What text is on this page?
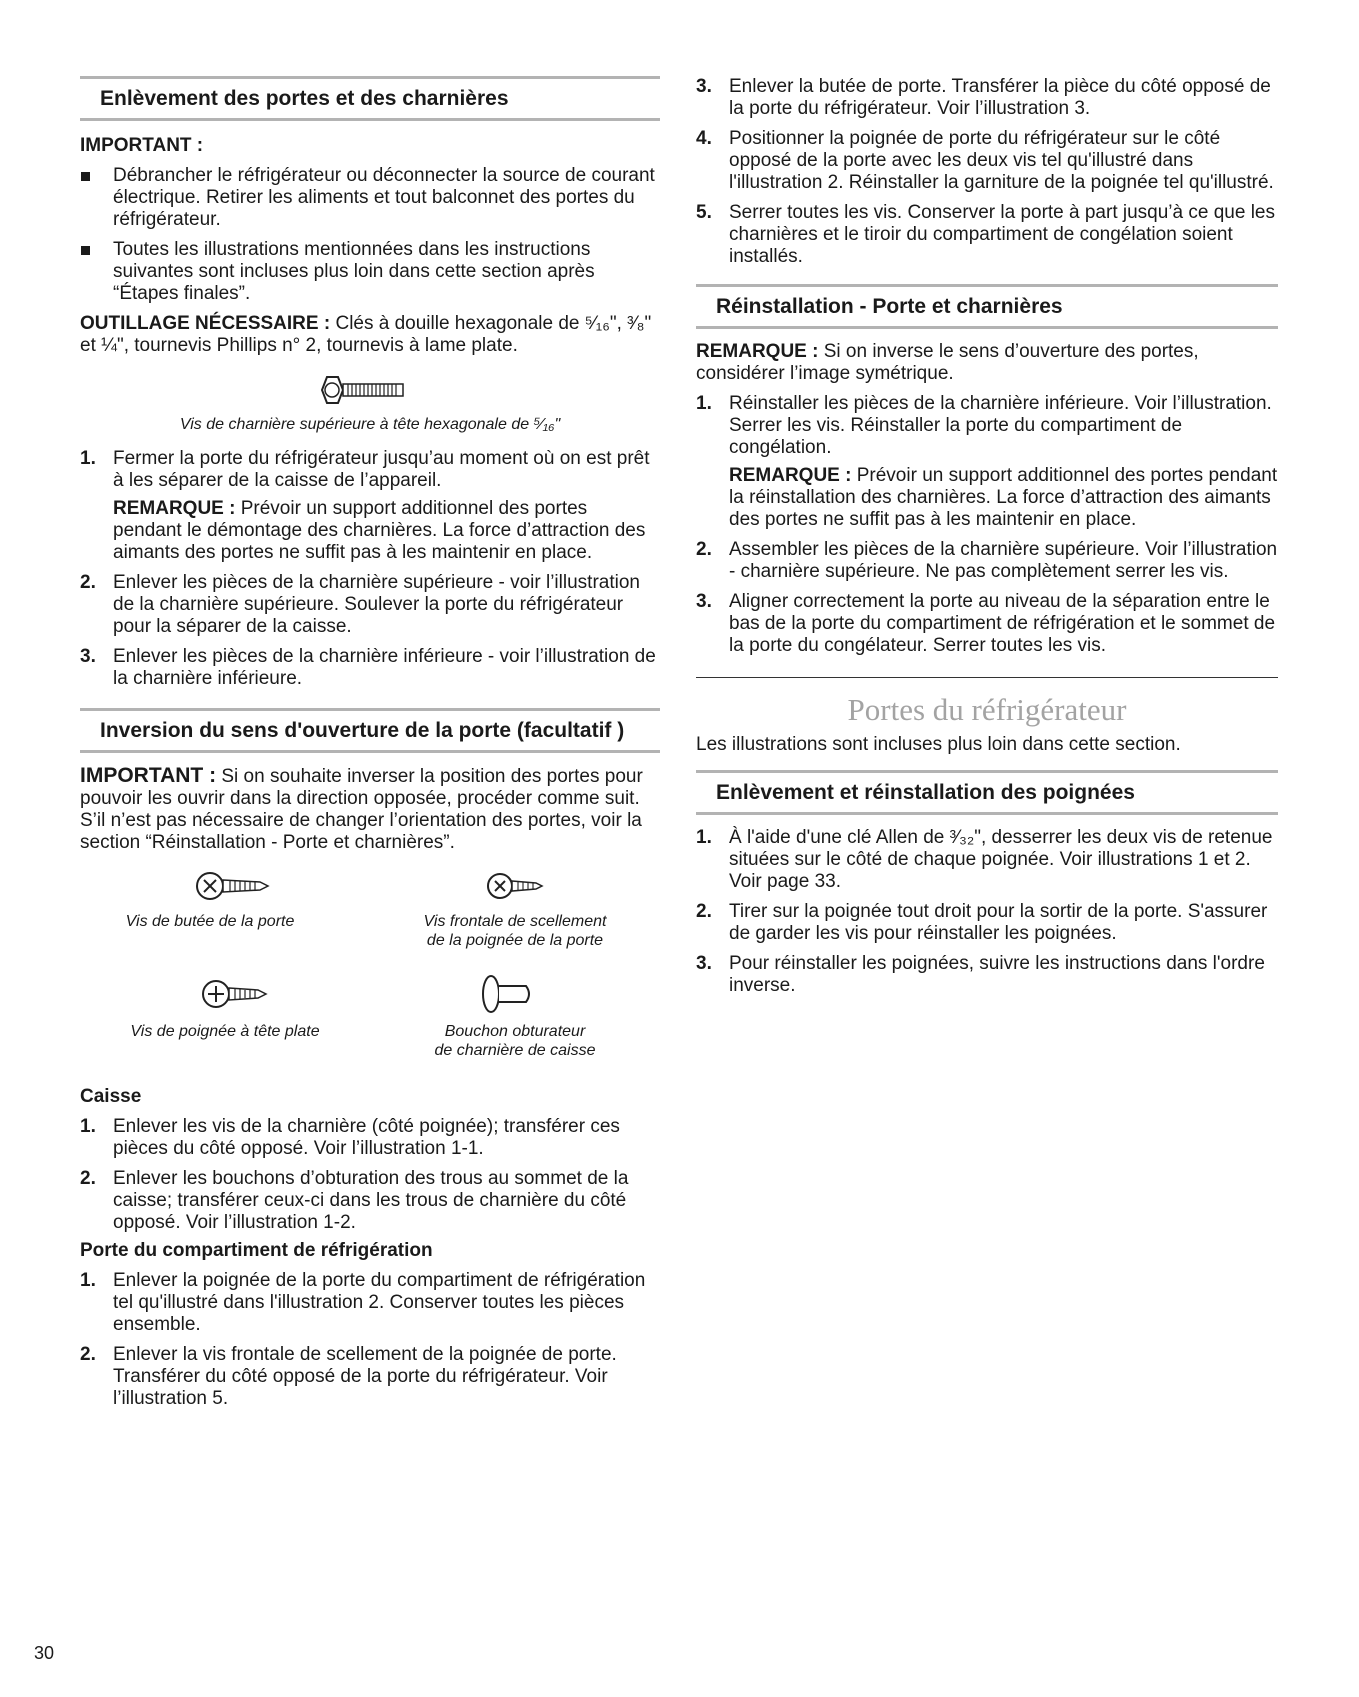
Enlèvement des portes et des charnières

IMPORTANT :

Débrancher le réfrigérateur ou déconnecter la source de courant électrique. Retirer les aliments et tout balconnet des portes du réfrigérateur.
Toutes les illustrations mentionnées dans les instructions suivantes sont incluses plus loin dans cette section après “Étapes finales”.

OUTILLAGE NÉCESSAIRE : Clés à douille hexagonale de ⁵⁄₁₆", ³⁄₈" et ¼", tournevis Phillips n° 2, tournevis à lame plate.

Vis de charnière supérieure à tête hexagonale de ⁵⁄₁₆"

1. Fermer la porte du réfrigérateur jusqu’au moment où on est prêt à les séparer de la caisse de l’appareil.

REMARQUE : Prévoir un support additionnel des portes pendant le démontage des charnières. La force d’attraction des aimants des portes ne suffit pas à les maintenir en place.

2. Enlever les pièces de la charnière supérieure - voir l’illustration de la charnière supérieure. Soulever la porte du réfrigérateur pour la séparer de la caisse.
3. Enlever les pièces de la charnière inférieure - voir l’illustration de la charnière inférieure.
Inversion du sens d'ouverture de la porte (facultatif )

IMPORTANT : Si on souhaite inverser la position des portes pour pouvoir les ouvrir dans la direction opposée, procéder comme suit. S’il n’est pas nécessaire de changer l’orientation des portes, voir la section “Réinstallation - Porte et charnières”.

Vis de butée de la porte	Vis frontale de scellement

de la poignée de la porte

Vis de poignée à tête plate	Bouchon obturateur

de charnière de caisse

Caisse

1. Enlever les vis de la charnière (côté poignée); transférer ces pièces du côté opposé. Voir l’illustration 1-1.
2. Enlever les bouchons d’obturation des trous au sommet de la caisse; transférer ceux-ci dans les trous de charnière du côté opposé. Voir l’illustration 1-2.

Porte du compartiment de réfrigération

1. Enlever la poignée de la porte du compartiment de réfrigération tel qu'illustré dans l'illustration 2. Conserver toutes les pièces ensemble.
2. Enlever la vis frontale de scellement de la poignée de porte. Transférer du côté opposé de la porte du réfrigérateur. Voir l’illustration 5.
3. Enlever la butée de porte. Transférer la pièce du côté opposé de la porte du réfrigérateur. Voir l’illustration 3.
4. Positionner la poignée de porte du réfrigérateur sur le côté opposé de la porte avec les deux vis tel qu'illustré dans l'illustration 2. Réinstaller la garniture de la poignée tel qu'illustré.
5. Serrer toutes les vis. Conserver la porte à part jusqu’à ce que les charnières et le tiroir du compartiment de congélation soient installés.
Réinstallation - Porte et charnières

REMARQUE : Si on inverse le sens d’ouverture des portes, considérer l’image symétrique.

1. Réinstaller les pièces de la charnière inférieure. Voir l’illustration. Serrer les vis. Réinstaller la porte du compartiment de congélation.

REMARQUE : Prévoir un support additionnel des portes pendant la réinstallation des charnières. La force d’attraction des aimants des portes ne suffit pas à les maintenir en place.

2. Assembler les pièces de la charnière supérieure. Voir l’illustration - charnière supérieure. Ne pas complètement serrer les vis.
3. Aligner correctement la porte au niveau de la séparation entre le bas de la porte du compartiment de réfrigération et le sommet de la porte du congélateur. Serrer toutes les vis.

Portes du réfrigérateur

Les illustrations sont incluses plus loin dans cette section.

Enlèvement et réinstallation des poignées
1. À l'aide d'une clé Allen de ³⁄₃₂", desserrer les deux vis de retenue situées sur le côté de chaque poignée. Voir illustrations 1 et 2. Voir page 33.
2. Tirer sur la poignée tout droit pour la sortir de la porte. S'assurer de garder les vis pour réinstaller les poignées.
3. Pour réinstaller les poignées, suivre les instructions dans l'ordre inverse.
30
